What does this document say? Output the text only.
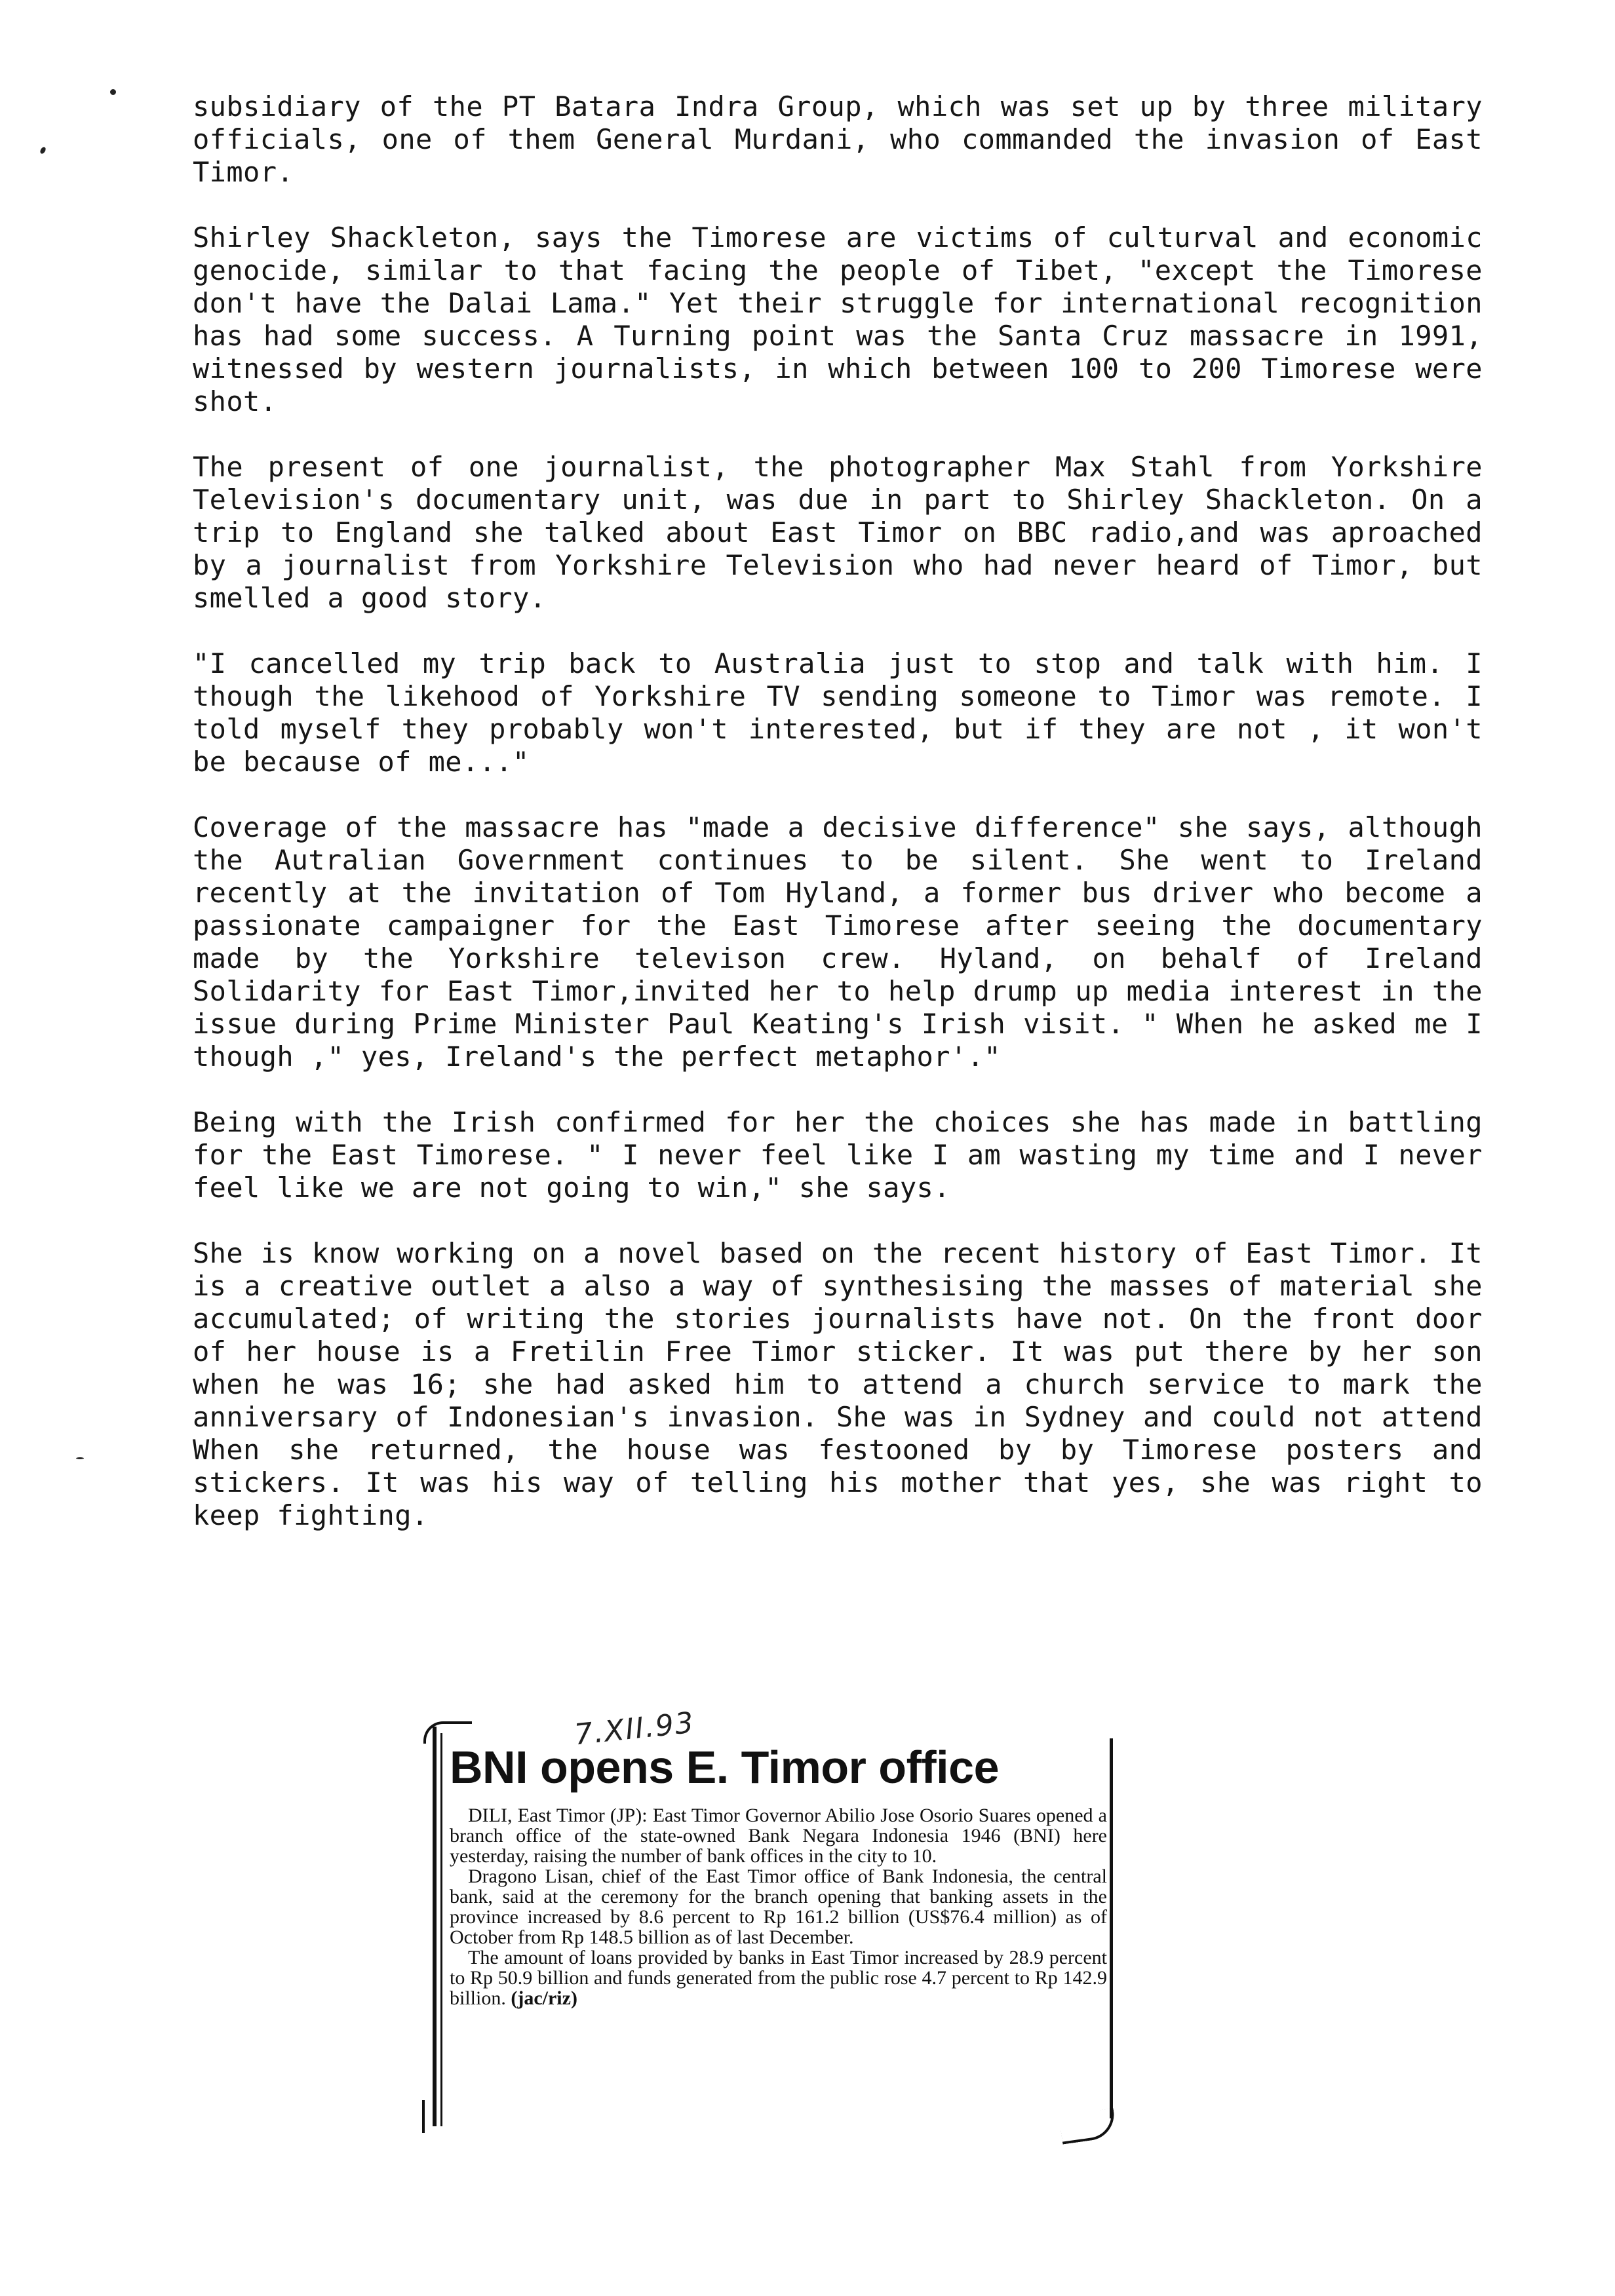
subsidiary of the PT Batara Indra Group, which was set up by three military officials, one of them General Murdani, who commanded the invasion of East Timor.

Shirley Shackleton, says the Timorese are victims of culturval and economic genocide, similar to that facing the people of Tibet, "except the Timorese don't have the Dalai Lama." Yet their struggle for international recognition has had some success. A Turning point was the Santa Cruz massacre in 1991, witnessed by western journalists, in which between 100 to 200 Timorese were shot.

The present of one journalist, the photographer Max Stahl from Yorkshire Television's documentary unit, was due in part to Shirley Shackleton. On a trip to England she talked about East Timor on BBC radio,and was aproached by a journalist from Yorkshire Television who had never heard of Timor, but smelled a good story.

"I cancelled my trip back to Australia just to stop and talk with him. I though the likehood of Yorkshire TV sending someone to Timor was remote. I told myself they probably won't interested, but if they are not , it won't be because of me..."

Coverage of the massacre has "made a decisive difference" she says, although the Autralian Government continues to be silent. She went to Ireland recently at the invitation of Tom Hyland, a former bus driver who become a passionate campaigner for the East Timorese after seeing the documentary made by the Yorkshire televison crew. Hyland, on behalf of Ireland Solidarity for East Timor,invited her to help drump up media interest in the issue during Prime Minister Paul Keating's Irish visit. " When he asked me I though ," yes, Ireland's the perfect metaphor'."

Being with the Irish confirmed for her the choices she has made in battling for the East Timorese. " I never feel like I am wasting my time and I never feel like we are not going to win," she says.

She is know working on a novel based on the recent history of East Timor. It is a creative outlet a also a way of synthesising the masses of material she accumulated; of writing the stories journalists have not. On the front door of her house is a Fretilin Free Timor sticker. It was put there by her son when he was 16; she had asked him to attend a church service to mark the anniversary of Indonesian's invasion. She was in Sydney and could not attend When she returned, the house was festooned by by Timorese posters and stickers. It was his way of telling his mother that yes, she was right to keep fighting.

7.XII.93
BNI opens E. Timor office

DILI, East Timor (JP): East Timor Governor Abilio Jose Osorio Suares opened a branch office of the state-owned Bank Negara Indonesia 1946 (BNI) here yesterday, raising the number of bank offices in the city to 10.

Dragono Lisan, chief of the East Timor office of Bank Indonesia, the central bank, said at the ceremony for the branch opening that banking assets in the province increased by 8.6 percent to Rp 161.2 billion (US$76.4 million) as of October from Rp 148.5 billion as of last December.

The amount of loans provided by banks in East Timor increased by 28.9 percent to Rp 50.9 billion and funds generated from the public rose 4.7 percent to Rp 142.9 billion. (jac/riz)
